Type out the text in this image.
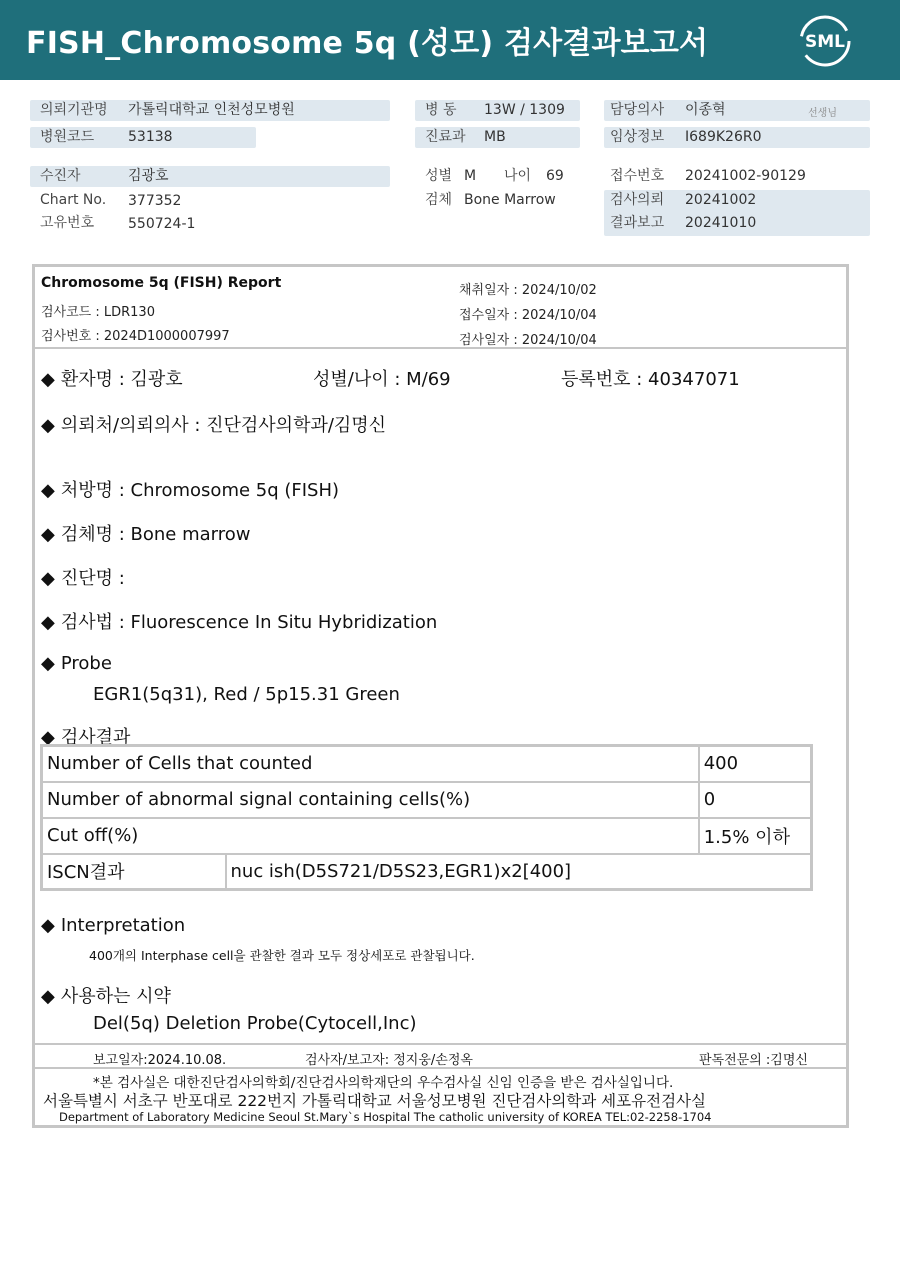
FISH_Chromosome 5q (성모) 검사결과보고서	SML
의뢰기관명 가톨릭대학교 인천성모병원
병원코드 53138
병 동 13W / 1309
진료과 MB
담당의사 이종혁	선생님
임상정보 I689K26R0
수진자	김광호
Chart No. 377352
고유번호 550724-1
성별 M 나이 69
검체 Bone Marrow
접수번호 20241002-90129
검사의뢰 20241002
결과보고 20241010
Chromosome 5q (FISH) Report
검사코드 : LDR130
검사번호 : 2024D1000007997
채취일자 : 2024/10/02
접수일자 : 2024/10/04
검사일자 : 2024/10/04
◆ 환자명 : 김광호	성별/나이 : M/69	등록번호 : 40347071
◆ 의뢰처/의뢰의사 : 진단검사의학과/김명신
◆ 처방명 : Chromosome 5q (FISH)
◆ 검체명 : Bone marrow
◆ 진단명 :
◆ 검사법 : Fluorescence In Situ Hybridization
◆ Probe
EGR1(5q31), Red / 5p15.31 Green
◆ 검사결과
Number of Cells that counted		400
Number of abnormal signal containing cells(%)		0
Cut off(%)		1.5% 이하
ISCN결과	nuc ish(D5S721/D5S23,EGR1)x2[400]	
◆ Interpretation
400개의 Interphase cell을 관찰한 결과 모두 정상세포로 관찰됩니다.
◆ 사용하는 시약
Del(5q) Deletion Probe(Cytocell,Inc)
보고일자:2024.10.08.	검사자/보고자: 정지웅/손정옥	판독전문의 :김명신
*본 검사실은 대한진단검사의학회/진단검사의학재단의 우수검사실 신임 인증을 받은 검사실입니다.
서울특별시 서초구 반포대로 222번지 가톨릭대학교 서울성모병원 진단검사의학과 세포유전검사실
Department of Laboratory Medicine Seoul St.Mary`s Hospital The catholic university of KOREA TEL:02-2258-1704
